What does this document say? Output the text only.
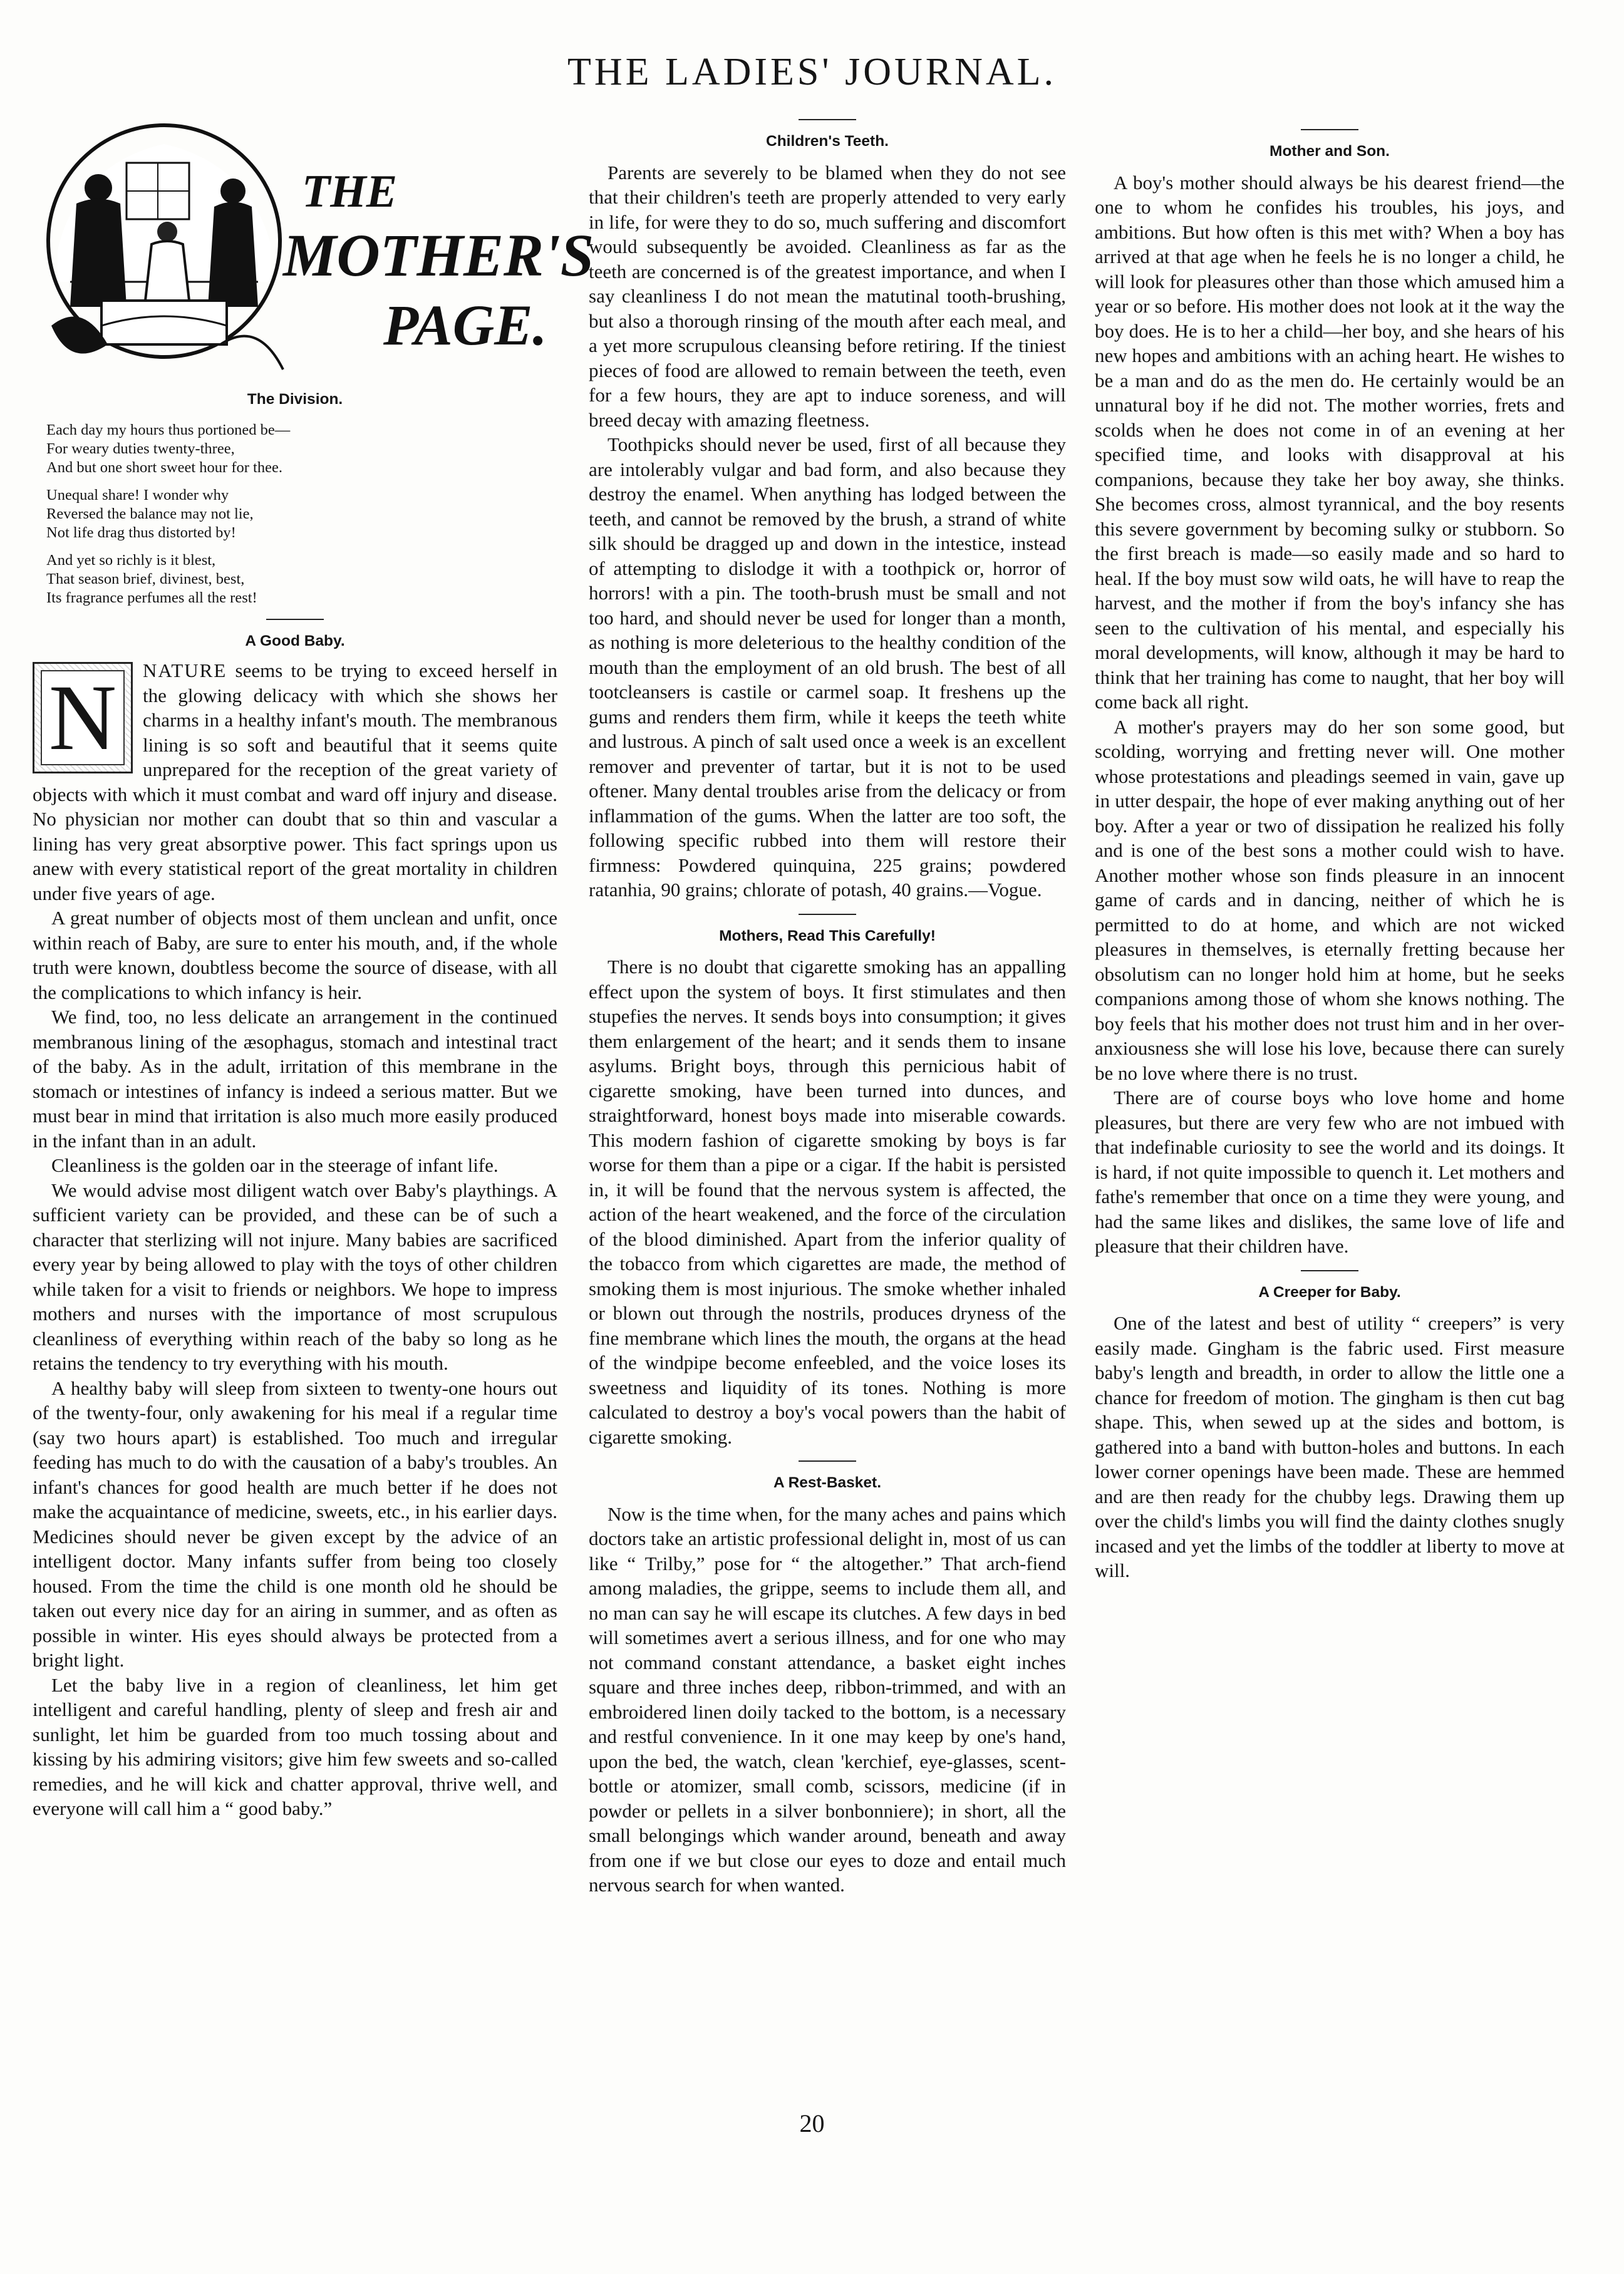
THE LADIES' JOURNAL.
THE
MOTHER'S
PAGE.
The Division.
Each day my hours thus portioned be—
For weary duties twenty-three,
And but one short sweet hour for thee.
Unequal share! I wonder why
Reversed the balance may not lie,
Not life drag thus distorted by!
And yet so richly is it blest,
That season brief, divinest, best,
Its fragrance perfumes all the rest!
A Good Baby.
N	NATURE seems to be trying to exceed herself in the glowing delicacy with which she shows her charms in a healthy infant's mouth. The membranous lining is so soft and beautiful that it seems quite unprepared for the reception of the great variety of objects with which it must combat and ward off injury and disease. No physician nor mother can doubt that so thin and vascular a lining has very great absorptive power. This fact springs upon us anew with every statistical report of the great mortality in children under five years of age.

A great number of objects most of them unclean and unfit, once within reach of Baby, are sure to enter his mouth, and, if the whole truth were known, doubtless become the source of disease, with all the complications to which infancy is heir.

We find, too, no less delicate an arrangement in the continued membranous lining of the æsophagus, stomach and intestinal tract of the baby. As in the adult, irritation of this membrane in the stomach or intestines of infancy is indeed a serious matter. But we must bear in mind that irritation is also much more easily produced in the infant than in an adult.

Cleanliness is the golden oar in the steerage of infant life.

We would advise most diligent watch over Baby's playthings. A sufficient variety can be provided, and these can be of such a character that sterlizing will not injure. Many babies are sacrificed every year by being allowed to play with the toys of other children while taken for a visit to friends or neighbors. We hope to impress mothers and nurses with the importance of most scrupulous cleanliness of everything within reach of the baby so long as he retains the tendency to try everything with his mouth.

A healthy baby will sleep from sixteen to twenty-one hours out of the twenty-four, only awakening for his meal if a regular time (say two hours apart) is established. Too much and irregular feeding has much to do with the causation of a baby's troubles. An infant's chances for good health are much better if he does not make the acquaintance of medicine, sweets, etc., in his earlier days. Medicines should never be given except by the advice of an intelligent doctor. Many infants suffer from being too closely housed. From the time the child is one month old he should be taken out every nice day for an airing in summer, and as often as possible in winter. His eyes should always be protected from a bright light.

Let the baby live in a region of cleanliness, let him get intelligent and careful handling, plenty of sleep and fresh air and sunlight, let him be guarded from too much tossing about and kissing by his admiring visitors; give him few sweets and so-called remedies, and he will kick and chatter approval, thrive well, and everyone will call him a “ good baby.”

Children's Teeth.

Parents are severely to be blamed when they do not see that their children's teeth are properly attended to very early in life, for were they to do so, much suffering and discomfort would subsequently be avoided. Cleanliness as far as the teeth are concerned is of the greatest importance, and when I say cleanliness I do not mean the matutinal tooth-brushing, but also a thorough rinsing of the mouth after each meal, and a yet more scrupulous cleansing before retiring. If the tiniest pieces of food are allowed to remain between the teeth, even for a few hours, they are apt to induce soreness, and will breed decay with amazing fleetness.

Toothpicks should never be used, first of all because they are intolerably vulgar and bad form, and also because they destroy the enamel. When anything has lodged between the teeth, and cannot be removed by the brush, a strand of white silk should be dragged up and down in the intestice, instead of attempting to dislodge it with a toothpick or, horror of horrors! with a pin. The tooth-brush must be small and not too hard, and should never be used for longer than a month, as nothing is more deleterious to the healthy condition of the mouth than the employment of an old brush. The best of all tootcleansers is castile or carmel soap. It freshens up the gums and renders them firm, while it keeps the teeth white and lustrous. A pinch of salt used once a week is an excellent remover and preventer of tartar, but it is not to be used oftener. Many dental troubles arise from the delicacy or from inflammation of the gums. When the latter are too soft, the following specific rubbed into them will restore their firmness: Powdered quinquina, 225 grains; powdered ratanhia, 90 grains; chlorate of potash, 40 grains.—Vogue.

Mothers, Read This Carefully!

There is no doubt that cigarette smoking has an appalling effect upon the system of boys. It first stimulates and then stupefies the nerves. It sends boys into consumption; it gives them enlargement of the heart; and it sends them to insane asylums. Bright boys, through this pernicious habit of cigarette smoking, have been turned into dunces, and straightforward, honest boys made into miserable cowards. This modern fashion of cigarette smoking by boys is far worse for them than a pipe or a cigar. If the habit is persisted in, it will be found that the nervous system is affected, the action of the heart weakened, and the force of the circulation of the blood diminished. Apart from the inferior quality of the tobacco from which cigarettes are made, the method of smoking them is most injurious. The smoke whether inhaled or blown out through the nostrils, produces dryness of the fine membrane which lines the mouth, the organs at the head of the windpipe become enfeebled, and the voice loses its sweetness and liquidity of its tones. Nothing is more calculated to destroy a boy's vocal powers than the habit of cigarette smoking.

A Rest-Basket.

Now is the time when, for the many aches and pains which doctors take an artistic professional delight in, most of us can like “ Trilby,” pose for “ the altogether.” That arch-fiend among maladies, the grippe, seems to include them all, and no man can say he will escape its clutches. A few days in bed will sometimes avert a serious illness, and for one who may not command constant attendance, a basket eight inches square and three inches deep, ribbon-trimmed, and with an embroidered linen doily tacked to the bottom, is a necessary and restful convenience. In it one may keep by one's hand, upon the bed, the watch, clean 'kerchief, eye-glasses, scent-bottle or atomizer, small comb, scissors, medicine (if in powder or pellets in a silver bonbonniere); in short, all the small belongings which wander around, beneath and away from one if we but close our eyes to doze and entail much nervous search for when wanted.

Mother and Son.

A boy's mother should always be his dearest friend—the one to whom he confides his troubles, his joys, and ambitions. But how often is this met with? When a boy has arrived at that age when he feels he is no longer a child, he will look for pleasures other than those which amused him a year or so before. His mother does not look at it the way the boy does. He is to her a child—her boy, and she hears of his new hopes and ambitions with an aching heart. He wishes to be a man and do as the men do. He certainly would be an unnatural boy if he did not. The mother worries, frets and scolds when he does not come in of an evening at her specified time, and looks with disapproval at his companions, because they take her boy away, she thinks. She becomes cross, almost tyrannical, and the boy resents this severe government by becoming sulky or stubborn. So the first breach is made—so easily made and so hard to heal. If the boy must sow wild oats, he will have to reap the harvest, and the mother if from the boy's infancy she has seen to the cultivation of his mental, and especially his moral developments, will know, although it may be hard to think that her training has come to naught, that her boy will come back all right.

A mother's prayers may do her son some good, but scolding, worrying and fretting never will. One mother whose protestations and pleadings seemed in vain, gave up in utter despair, the hope of ever making anything out of her boy. After a year or two of dissipation he realized his folly and is one of the best sons a mother could wish to have. Another mother whose son finds pleasure in an innocent game of cards and in dancing, neither of which he is permitted to do at home, and which are not wicked pleasures in themselves, is eternally fretting because her obsolutism can no longer hold him at home, but he seeks companions among those of whom she knows nothing. The boy feels that his mother does not trust him and in her over-anxiousness she will lose his love, because there can surely be no love where there is no trust.

There are of course boys who love home and home pleasures, but there are very few who are not imbued with that indefinable curiosity to see the world and its doings. It is hard, if not quite impossible to quench it. Let mothers and fathe's remember that once on a time they were young, and had the same likes and dislikes, the same love of life and pleasure that their children have.

A Creeper for Baby.

One of the latest and best of utility “ creepers” is very easily made. Gingham is the fabric used. First measure baby's length and breadth, in order to allow the little one a chance for freedom of motion. The gingham is then cut bag shape. This, when sewed up at the sides and bottom, is gathered into a band with button-holes and buttons. In each lower corner openings have been made. These are hemmed and are then ready for the chubby legs. Drawing them up over the child's limbs you will find the dainty clothes snugly incased and yet the limbs of the toddler at liberty to move at will.

20
